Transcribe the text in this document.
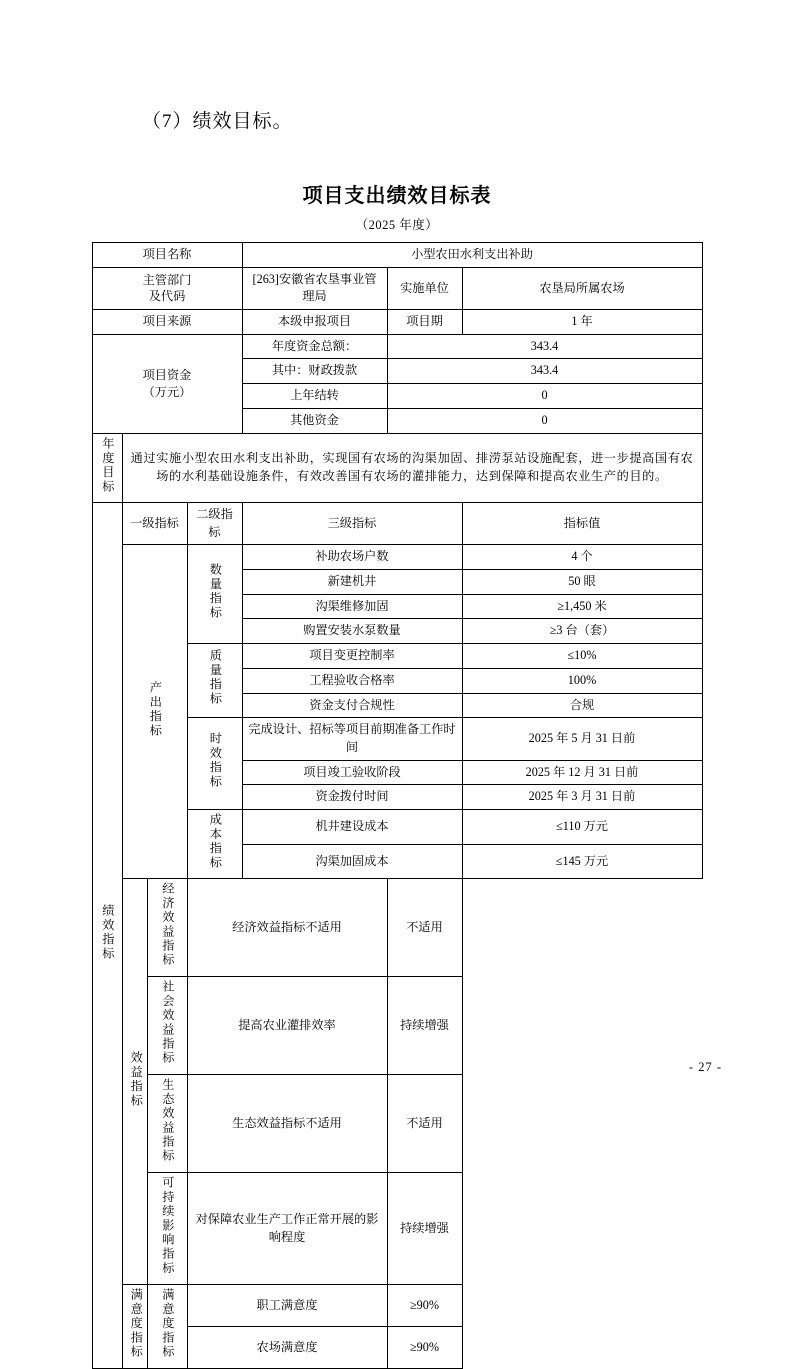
（7）绩效目标。
项目支出绩效目标表
（2025 年度）
项目名称				小型农田水利支出补助		

主管部门
及代码				[263]安徽省农垦事业管理局	实施单位	农垦局所属农场
项目来源				本级申报项目	项目期	1 年

项目资金
（万元）				年度资金总额：	343.4	
				其中：财政拨款	343.4	
				上年结转	0	
				其他资金	0	

年度目标	通过实施小型农田水利支出补助，实现国有农场的沟渠加固、排涝泵站设施配套，进一步提高国有农场的水利基础设施条件，有效改善国有农场的灌排能力，达到保障和提高农业生产的目的。					

绩效指标	一级指标		二级指标	三级指标		指标值

	产出指标		数量指标	补助农场户数		4 个
				新建机井		50 眼
				沟渠维修加固		≥1,450 米
				购置安装水泵数量		≥3 台（套）

			质量指标	项目变更控制率		≤10%
				工程验收合格率		100%
				资金支付合规性		合规

			时效指标	完成设计、招标等项目前期准备工作时间		2025 年 5 月 31 日前
				项目竣工验收阶段		2025 年 12 月 31 日前
				资金拨付时间		2025 年 3 月 31 日前

			成本指标	机井建设成本		≤110 万元
				沟渠加固成本		≤145 万元

	效益指标	经济效益指标	经济效益指标不适用		不适用	

		社会效益指标	提高农业灌排效率		持续增强	

		生态效益指标	生态效益指标不适用		不适用	

		可持续影响指标	对保障农业生产工作正常开展的影响程度		持续增强	

	满意度指标	满意度指标	职工满意度		≥90%	
			农场满意度		≥90%	
- 27 -
